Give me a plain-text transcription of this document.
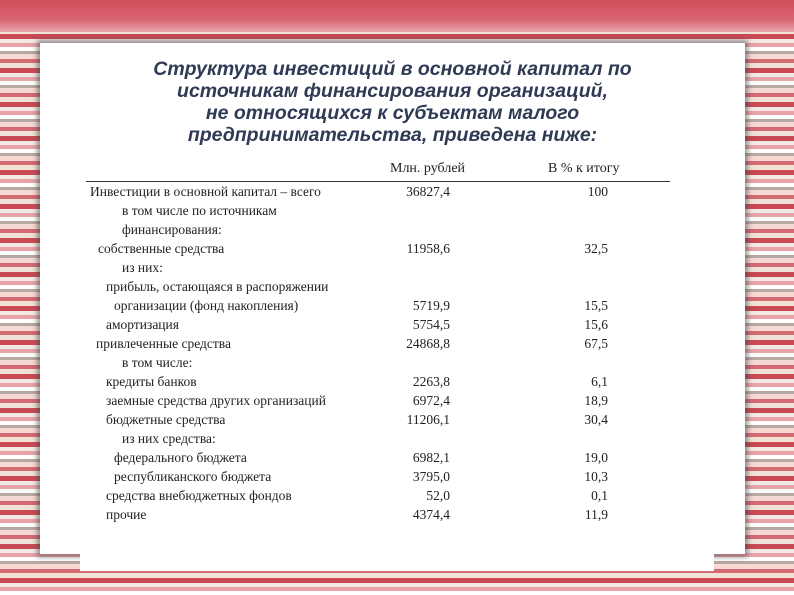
Структура инвестиций в основной капитал по
источникам финансирования организаций,
не относящихся к субъектам малого
предпринимательства, приведена ниже:
Млн. рублей	В % к итогу
Инвестиции в основной капитал – всего	36827,4	100
в том числе по источникам
финансирования:
собственные средства	11958,6	32,5
из них:
прибыль, остающаяся в распоряжении
организации (фонд накопления)	5719,9	15,5
амортизация	5754,5	15,6
привлеченные средства	24868,8	67,5
в том числе:
кредиты банков	2263,8	6,1
заемные средства других организаций	6972,4	18,9
бюджетные средства	11206,1	30,4
из них средства:
федерального бюджета	6982,1	19,0
республиканского бюджета	3795,0	10,3
средства внебюджетных фондов	52,0	0,1
прочие	4374,4	11,9
